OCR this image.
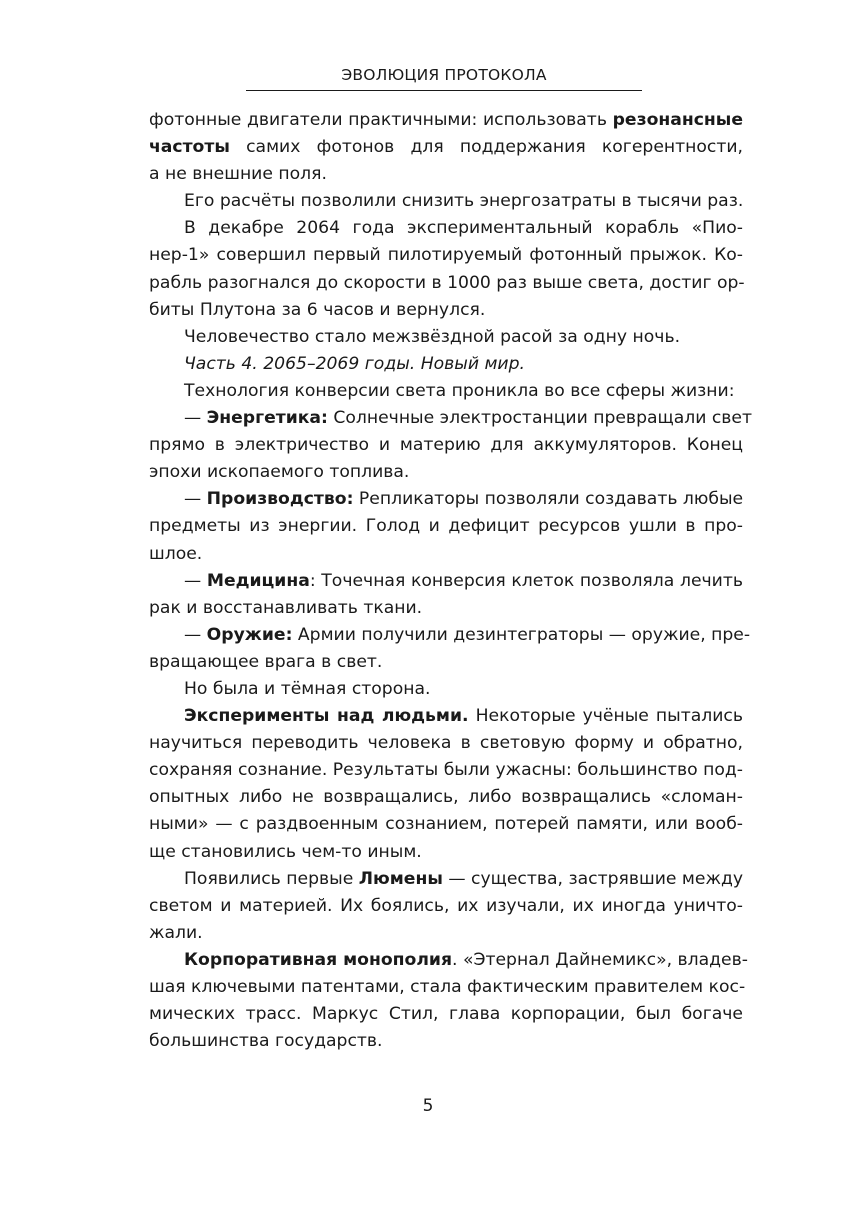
ЭВОЛЮЦИЯ ПРОТОКОЛА
фотонные двигатели практичными: использовать резонансные
частоты самих фотонов для поддержания когерентности,
а не внешние поля.
Его расчёты позволили снизить энергозатраты в тысячи раз.
В декабре 2064 года экспериментальный корабль «Пио-
нер-1» совершил первый пилотируемый фотонный прыжок. Ко-
рабль разогнался до скорости в 1000 раз выше света, достиг ор-
биты Плутона за 6 часов и вернулся.
Человечество стало межзвёздной расой за одну ночь.
Часть 4. 2065–2069 годы. Новый мир.
Технология конверсии света проникла во все сферы жизни:
— Энергетика: Солнечные электростанции превращали свет
прямо в электричество и материю для аккумуляторов. Конец
эпохи ископаемого топлива.
— Производство: Репликаторы позволяли создавать любые
предметы из энергии. Голод и дефицит ресурсов ушли в про-
шлое.
— Медицина: Точечная конверсия клеток позволяла лечить
рак и восстанавливать ткани.
— Оружие: Армии получили дезинтеграторы — оружие, пре-
вращающее врага в свет.
Но была и тёмная сторона.
Эксперименты над людьми. Некоторые учёные пытались
научиться переводить человека в световую форму и обратно,
сохраняя сознание. Результаты были ужасны: большинство под-
опытных либо не возвращались, либо возвращались «сломан-
ными» — с раздвоенным сознанием, потерей памяти, или вооб-
ще становились чем-то иным.
Появились первые Люмены — существа, застрявшие между
светом и материей. Их боялись, их изучали, их иногда уничто-
жали.
Корпоративная монополия. «Этернал Дайнемикс», владев-
шая ключевыми патентами, стала фактическим правителем кос-
мических трасс. Маркус Стил, глава корпорации, был богаче
большинства государств.
5
